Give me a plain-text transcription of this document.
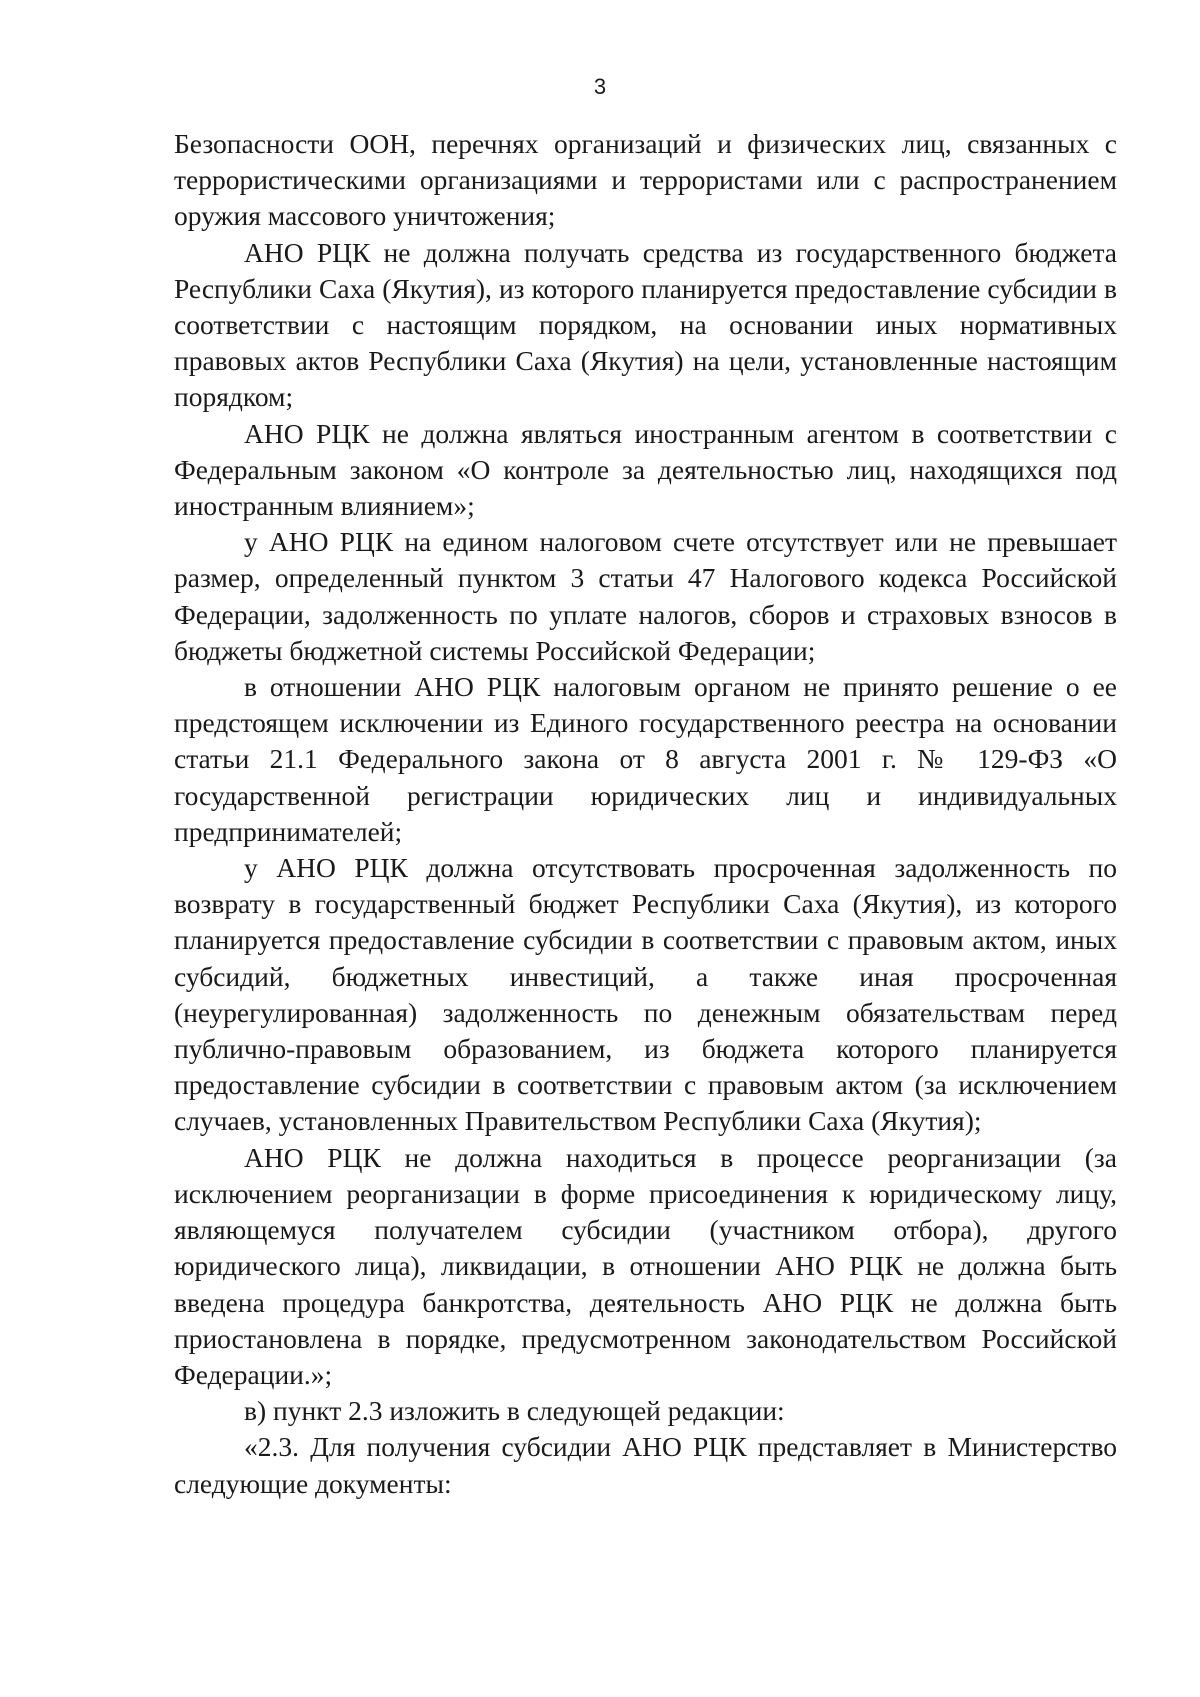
3

Безопасности ООН, перечнях организаций и физических лиц, связанных с террористическими организациями и террористами или с распространением оружия массового уничтожения;

АНО РЦК не должна получать средства из государственного бюджета Республики Саха (Якутия), из которого планируется предоставление субсидии в соответствии с настоящим порядком, на основании иных нормативных правовых актов Республики Саха (Якутия) на цели, установленные настоящим порядком;

АНО РЦК не должна являться иностранным агентом в соответствии с Федеральным законом «О контроле за деятельностью лиц, находящихся под иностранным влиянием»;

у АНО РЦК на едином налоговом счете отсутствует или не превышает размер, определенный пунктом 3 статьи 47 Налогового кодекса Российской Федерации, задолженность по уплате налогов, сборов и страховых взносов в бюджеты бюджетной системы Российской Федерации;

в отношении АНО РЦК налоговым органом не принято решение о ее предстоящем исключении из Единого государственного реестра на основании статьи 21.1 Федерального закона от 8 августа 2001 г. № 129-ФЗ «О государственной регистрации юридических лиц и индивидуальных предпринимателей;

у АНО РЦК должна отсутствовать просроченная задолженность по возврату в государственный бюджет Республики Саха (Якутия), из которого планируется предоставление субсидии в соответствии с правовым актом, иных субсидий, бюджетных инвестиций, а также иная просроченная (неурегулированная) задолженность по денежным обязательствам перед публично-правовым образованием, из бюджета которого планируется предоставление субсидии в соответствии с правовым актом (за исключением случаев, установленных Правительством Республики Саха (Якутия);

АНО РЦК не должна находиться в процессе реорганизации (за исключением реорганизации в форме присоединения к юридическому лицу, являющемуся получателем субсидии (участником отбора), другого юридического лица), ликвидации, в отношении АНО РЦК не должна быть введена процедура банкротства, деятельность АНО РЦК не должна быть приостановлена в порядке, предусмотренном законодательством Российской Федерации.»;

в) пункт 2.3 изложить в следующей редакции:

«2.3. Для получения субсидии АНО РЦК представляет в Министерство следующие документы:
